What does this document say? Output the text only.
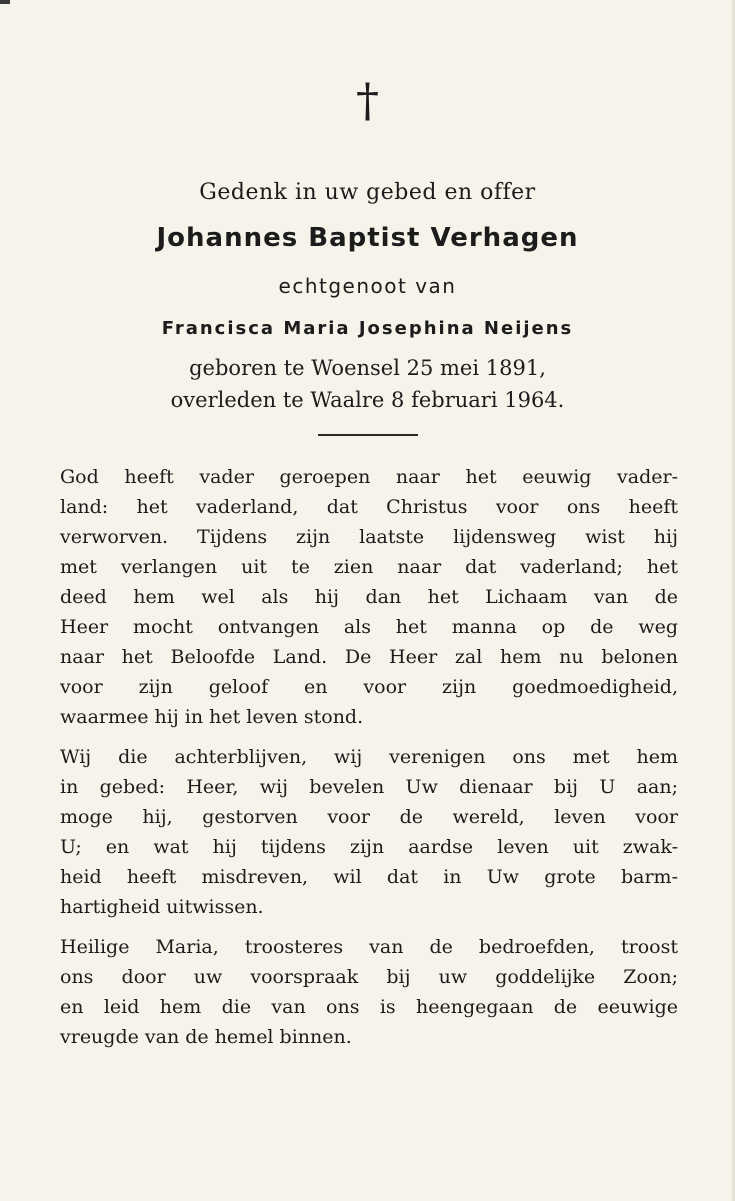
†
Gedenk in uw gebed en offer
Johannes Baptist Verhagen
echtgenoot van
Francisca Maria Josephina Neijens
geboren te Woensel 25 mei 1891,
overleden te Waalre 8 februari 1964.
God heeft vader geroepen naar het eeuwig vader-
land: het vaderland, dat Christus voor ons heeft
verworven. Tijdens zijn laatste lijdensweg wist hij
met verlangen uit te zien naar dat vaderland; het
deed hem wel als hij dan het Lichaam van de
Heer mocht ontvangen als het manna op de weg
naar het Beloofde Land. De Heer zal hem nu belonen
voor zijn geloof en voor zijn goedmoedigheid,
waarmee hij in het leven stond.
Wij die achterblijven, wij verenigen ons met hem
in gebed: Heer, wij bevelen Uw dienaar bij U aan;
moge hij, gestorven voor de wereld, leven voor
U; en wat hij tijdens zijn aardse leven uit zwak-
heid heeft misdreven, wil dat in Uw grote barm-
hartigheid uitwissen.
Heilige Maria, troosteres van de bedroefden, troost
ons door uw voorspraak bij uw goddelijke Zoon;
en leid hem die van ons is heengegaan de eeuwige
vreugde van de hemel binnen.
